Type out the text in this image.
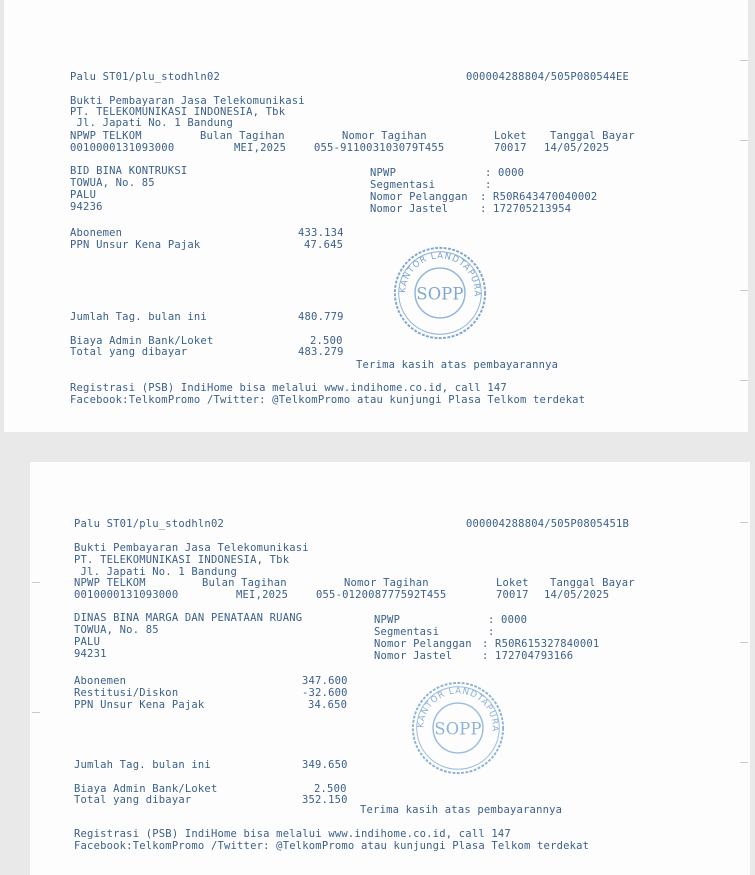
Palu ST01/plu_stodhln02	000004288804/505P080544EE
Bukti Pembayaran Jasa Telekomunikasi
PT. TELEKOMUNIKASI INDONESIA, Tbk
Jl. Japati No. 1 Bandung
NPWP TELKOM	Bulan Tagihan	Nomor Tagihan	Loket Tanggal Bayar
0010000131093000	MEI,2025	055-911003103079T455	70017 14/05/2025
BID BINA KONTRUKSI
TOWUA, No. 85
PALU
94236
NPWP	: 0000
Segmentasi	:
Nomor Pelanggan : R50R643470040002
Nomor Jastel	: 172705213954
Abonemen	433.134
PPN Unsur Kena Pajak	47.645
Jumlah Tag. bulan ini	480.779
Biaya Admin Bank/Loket	2.500
Total yang dibayar	483.279
Terima kasih atas pembayarannya
Registrasi (PSB) IndiHome bisa melalui www.indihome.co.id, call 147
Facebook:TelkomPromo /Twitter: @TelkomPromo atau kunjungi Plasa Telkom terdekat
KANTOR LANDTAPURA
SOPP
Palu ST01/plu_stodhln02	000004288804/505P0805451B
Bukti Pembayaran Jasa Telekomunikasi
PT. TELEKOMUNIKASI INDONESIA, Tbk
Jl. Japati No. 1 Bandung
NPWP TELKOM	Bulan Tagihan	Nomor Tagihan	Loket Tanggal Bayar
0010000131093000	MEI,2025	055-012008777592T455	70017 14/05/2025
DINAS BINA MARGA DAN PENATAAN RUANG
TOWUA, No. 85
PALU
94231
NPWP	: 0000
Segmentasi	:
Nomor Pelanggan : R50R615327840001
Nomor Jastel	: 172704793166
Abonemen	347.600
Restitusi/Diskon	-32.600
PPN Unsur Kena Pajak	34.650
Jumlah Tag. bulan ini	349.650
Biaya Admin Bank/Loket	2.500
Total yang dibayar	352.150
Terima kasih atas pembayarannya
Registrasi (PSB) IndiHome bisa melalui www.indihome.co.id, call 147
Facebook:TelkomPromo /Twitter: @TelkomPromo atau kunjungi Plasa Telkom terdekat
KANTOR LANDTAPURA
SOPP
